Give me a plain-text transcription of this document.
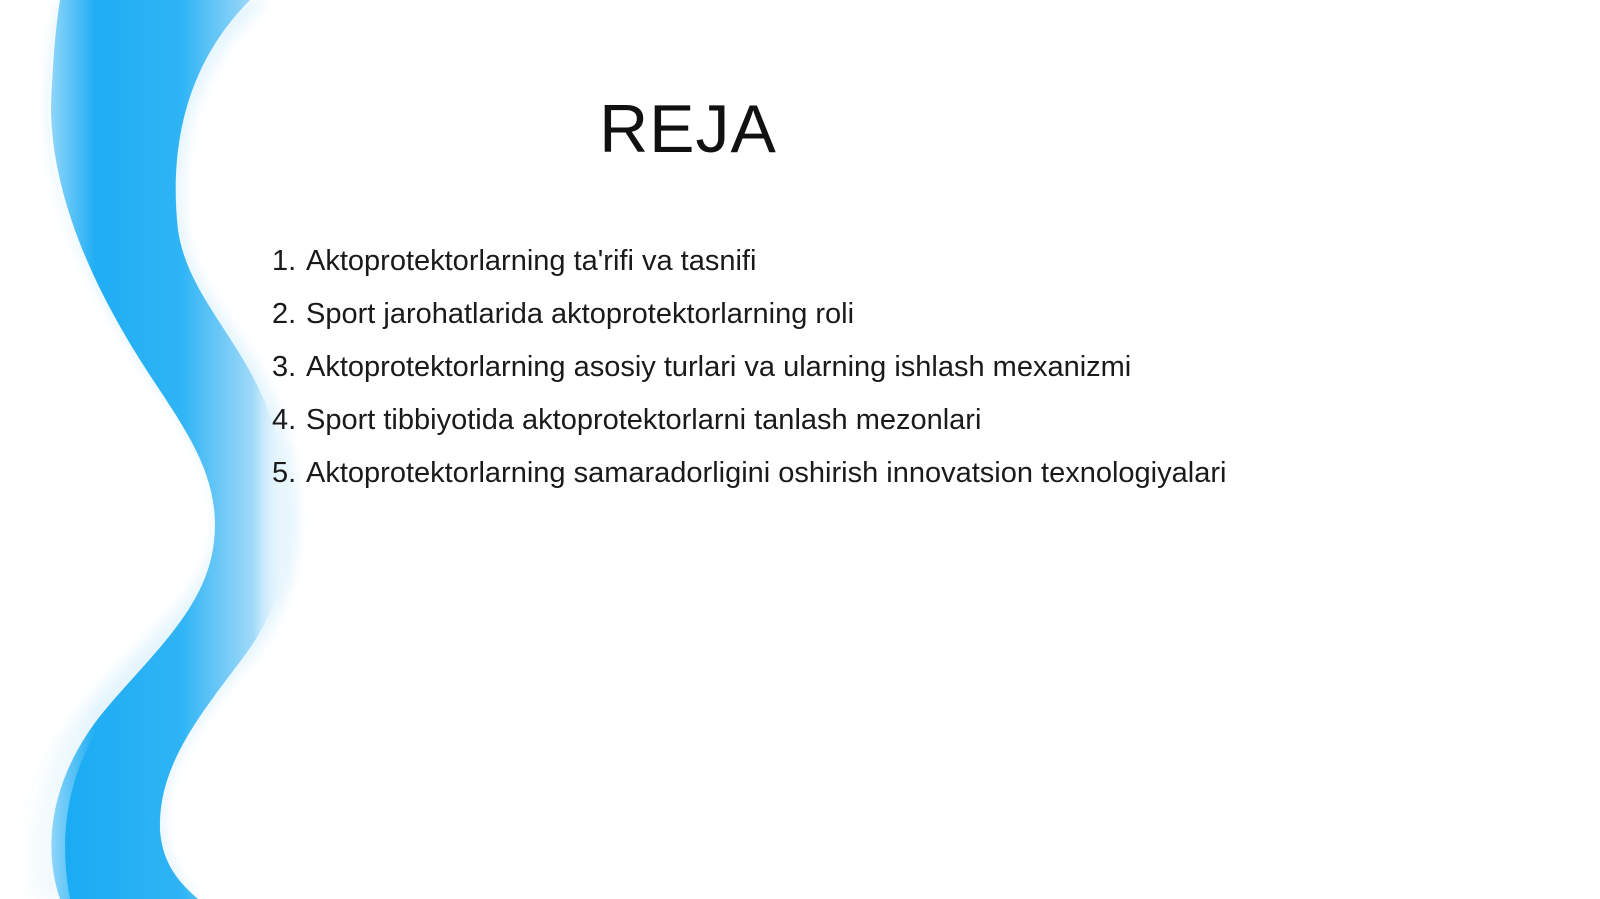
REJA
1. Aktoprotektorlarning ta'rifi va tasnifi
2. Sport jarohatlarida aktoprotektorlarning roli
3. Aktoprotektorlarning asosiy turlari va ularning ishlash mexanizmi
4. Sport tibbiyotida aktoprotektorlarni tanlash mezonlari
5. Aktoprotektorlarning samaradorligini oshirish innovatsion texnologiyalari
